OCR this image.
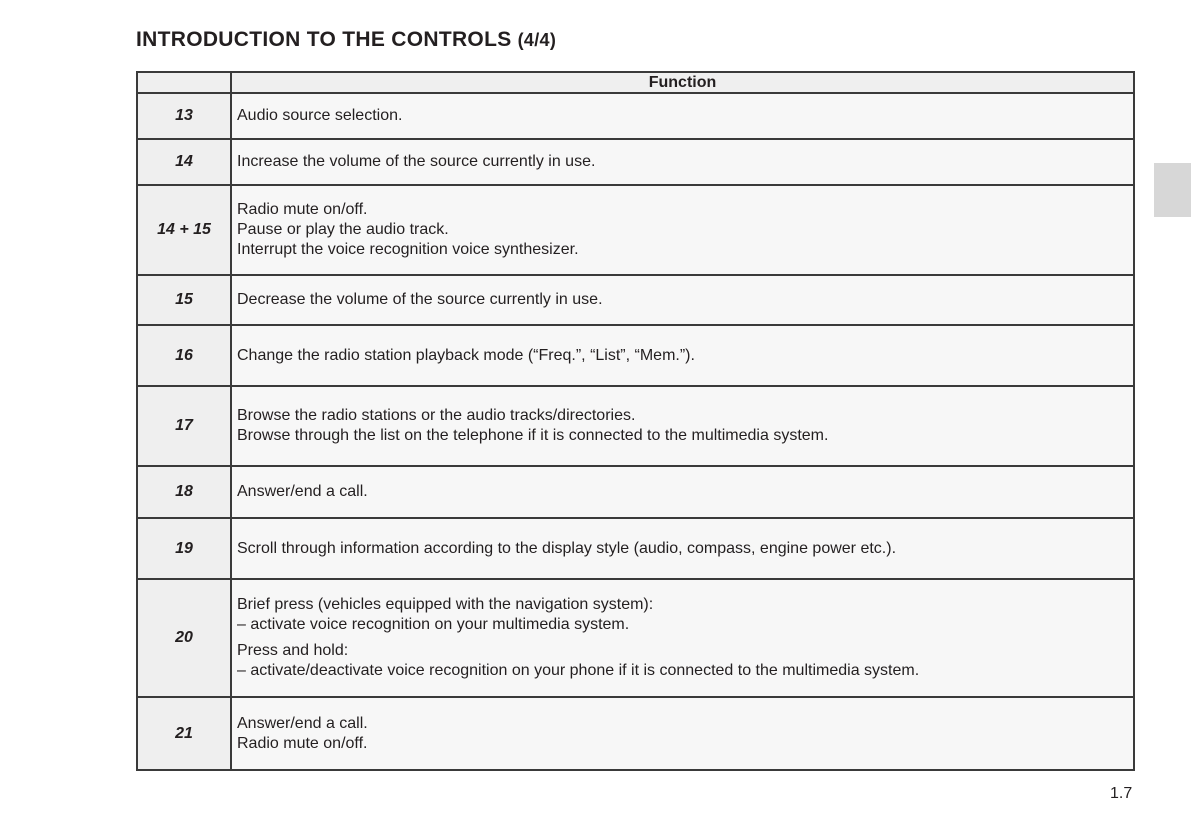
INTRODUCTION TO THE CONTROLS (4/4)
	Function
13	Audio source selection.

14	Increase the volume of the source currently in use.

14 + 15	Radio mute on/off.
Pause or play the audio track.
Interrupt the voice recognition voice synthesizer.

15	Decrease the volume of the source currently in use.

16	Change the radio station playback mode (“Freq.”, “List”, “Mem.”).

17	Browse the radio stations or the audio tracks/directories.
Browse through the list on the telephone if it is connected to the multimedia system.

18	Answer/end a call.

19	Scroll through information according to the display style (audio, compass, engine power etc.).

20	Brief press (vehicles equipped with the navigation system):
– activate voice recognition on your multimedia system.
Press and hold:
– activate/deactivate voice recognition on your phone if it is connected to the multimedia system.

21	Answer/end a call.
Radio mute on/off.
1.7
